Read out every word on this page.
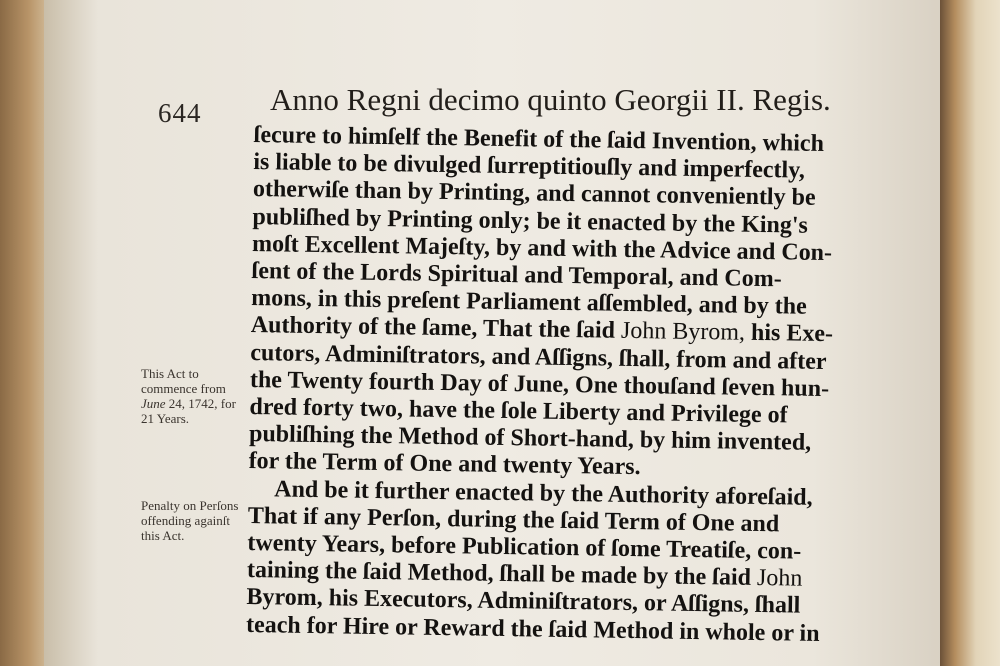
644 Anno Regni decimo quinto Georgii II. Regis.
This Act to commence from June 24, 1742, for 21 Years.
Penalty on Perſons offending againſt this Act.
ſecure to himſelf the Benefit of the ſaid Invention, which
is liable to be divulged ſurreptitiouſly and imperfectly,
otherwiſe than by Printing, and cannot conveniently be
publiſhed by Printing only; be it enacted by the King's
moſt Excellent Majeſty, by and with the Advice and Con-
ſent of the Lords Spiritual and Temporal, and Com-
mons, in this preſent Parliament aſſembled, and by the
Authority of the ſame, That the ſaid John Byrom, his Exe-
cutors, Adminiſtrators, and Aſſigns, ſhall, from and after
the Twenty fourth Day of June, One thouſand ſeven hun-
dred forty two, have the ſole Liberty and Privilege of
publiſhing the Method of Short-hand, by him invented,
for the Term of One and twenty Years.
And be it further enacted by the Authority aforeſaid,
That if any Perſon, during the ſaid Term of One and
twenty Years, before Publication of ſome Treatiſe, con-
taining the ſaid Method, ſhall be made by the ſaid John
Byrom, his Executors, Adminiſtrators, or Aſſigns, ſhall
teach for Hire or Reward the ſaid Method in whole or in
